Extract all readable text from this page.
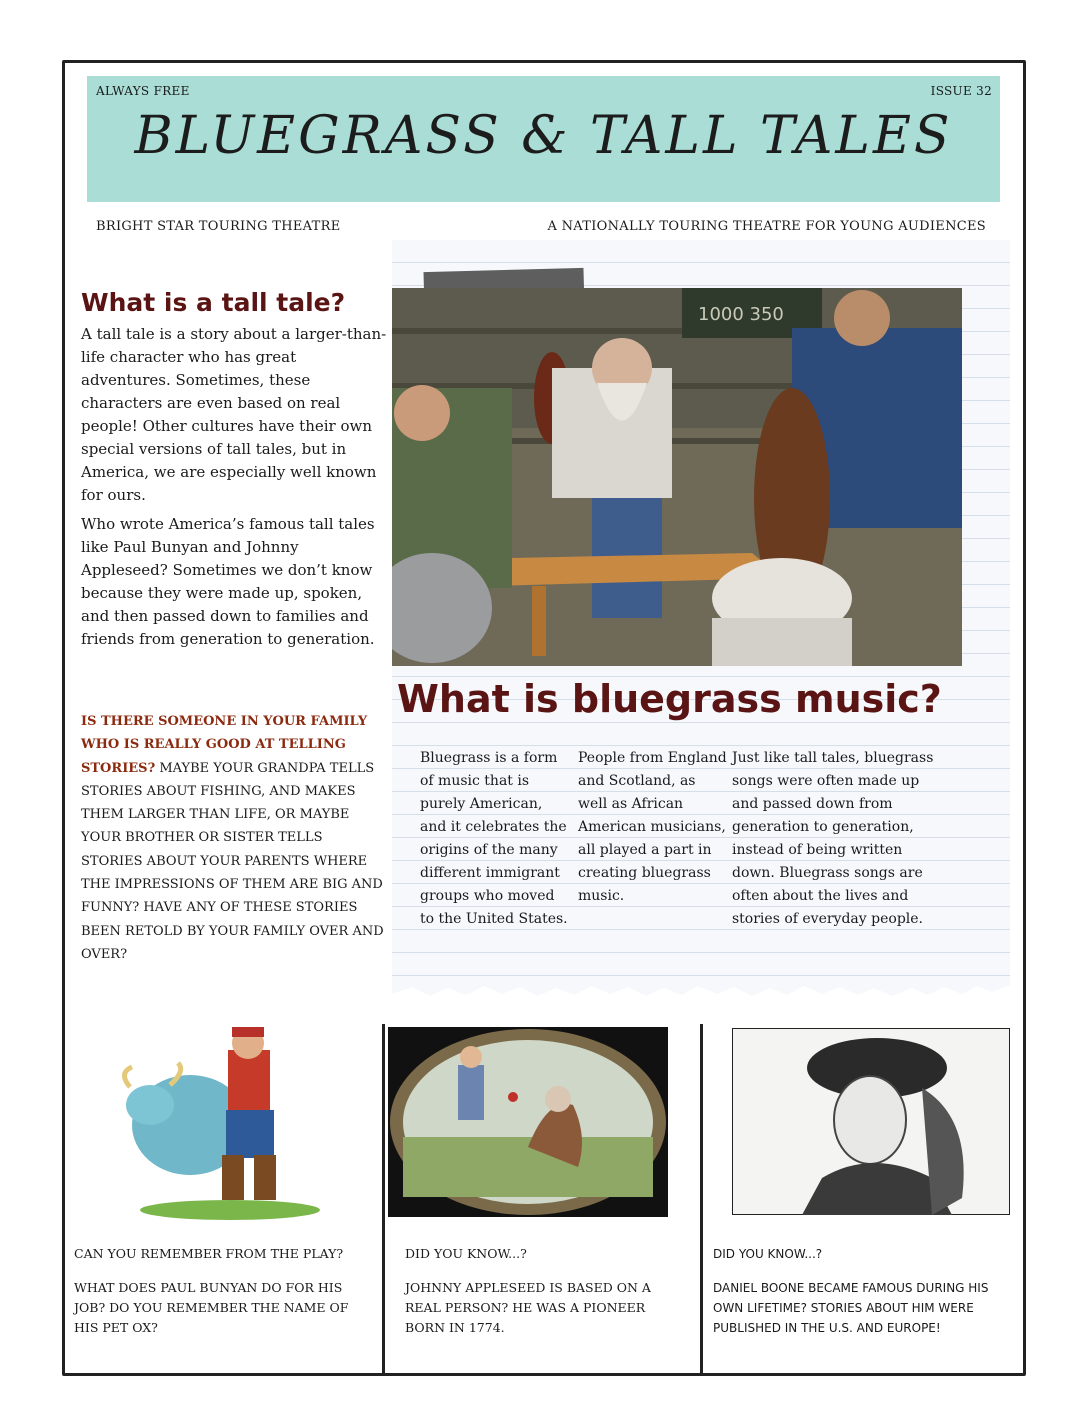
ALWAYS FREE	ISSUE 32
BLUEGRASS & TALL TALES
BRIGHT STAR TOURING THEATRE	A NATIONALLY TOURING THEATRE FOR YOUNG AUDIENCES
What is a tall tale?

A tall tale is a story about a larger-than-life character who has great adventures. Sometimes, these characters are even based on real people! Other cultures have their own special versions of tall tales, but in America, we are especially well known for ours.

Who wrote America’s famous tall tales like Paul Bunyan and Johnny Appleseed? Sometimes we don’t know because they were made up, spoken, and then passed down to families and friends from generation to generation.

IS THERE SOMEONE IN YOUR FAMILY WHO IS REALLY GOOD AT TELLING STORIES? MAYBE YOUR GRANDPA TELLS STORIES ABOUT FISHING, AND MAKES THEM LARGER THAN LIFE, OR MAYBE YOUR BROTHER OR SISTER TELLS STORIES ABOUT YOUR PARENTS WHERE THE IMPRESSIONS OF THEM ARE BIG AND FUNNY? HAVE ANY OF THESE STORIES BEEN RETOLD BY YOUR FAMILY OVER AND OVER?
1000 350
What is bluegrass music?
Bluegrass is a form of music that is purely American, and it celebrates the origins of the many different immigrant groups who moved to the United States.
People from England and Scotland, as well as African American musicians, all played a part in creating bluegrass music.
Just like tall tales, bluegrass songs were often made up and passed down from generation to generation, instead of being written down. Bluegrass songs are often about the lives and stories of everyday people.

CAN YOU REMEMBER FROM THE PLAY?

WHAT DOES PAUL BUNYAN DO FOR HIS JOB? DO YOU REMEMBER THE NAME OF HIS PET OX?

DID YOU KNOW...?

JOHNNY APPLESEED IS BASED ON A REAL PERSON? HE WAS A PIONEER BORN IN 1774.

DID YOU KNOW...?

DANIEL BOONE BECAME FAMOUS DURING HIS OWN LIFETIME? STORIES ABOUT HIM WERE PUBLISHED IN THE U.S. AND EUROPE!
